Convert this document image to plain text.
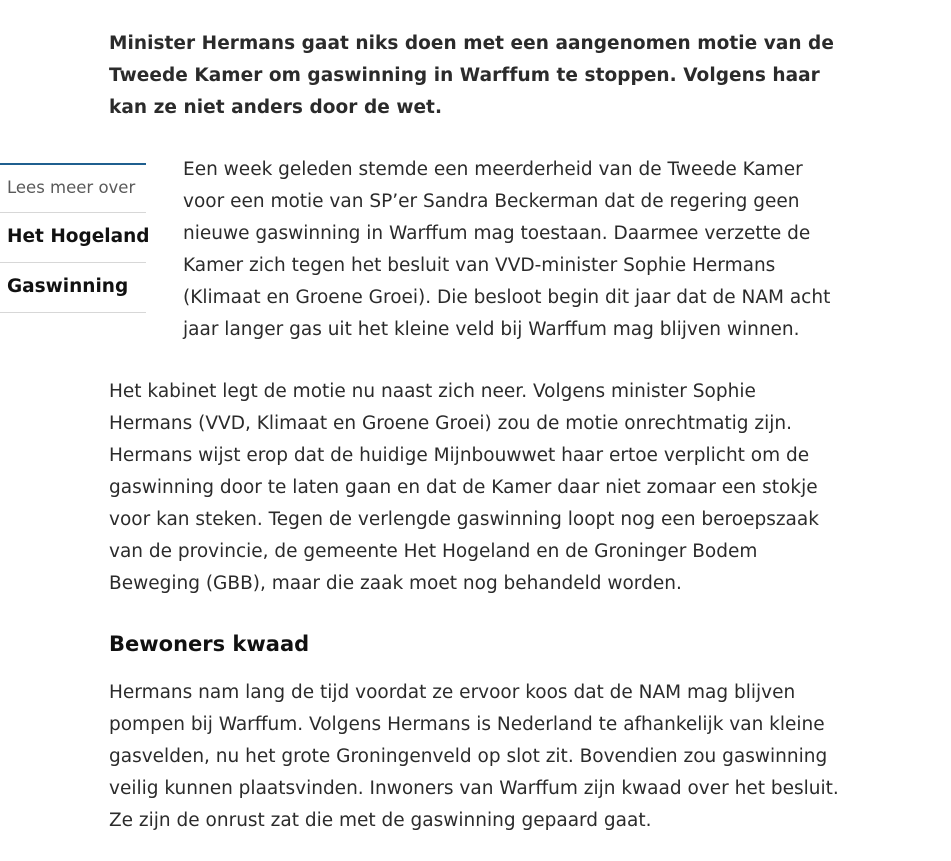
Minister Hermans gaat niks doen met een aangenomen motie van de Tweede Kamer om gaswinning in Warffum te stoppen. Volgens haar kan ze niet anders door de wet.

Lees meer over
Het Hogeland
Gaswinning

Een week geleden stemde een meerderheid van de Tweede Kamer voor een motie van SP’er Sandra Beckerman dat de regering geen nieuwe gaswinning in Warffum mag toestaan. Daarmee verzette de Kamer zich tegen het besluit van VVD-minister Sophie Hermans (Klimaat en Groene Groei). Die besloot begin dit jaar dat de NAM acht jaar langer gas uit het kleine veld bij Warffum mag blijven winnen.

Het kabinet legt de motie nu naast zich neer. Volgens minister Sophie Hermans (VVD, Klimaat en Groene Groei) zou de motie onrechtmatig zijn. Hermans wijst erop dat de huidige Mijnbouwwet haar ertoe verplicht om de gaswinning door te laten gaan en dat de Kamer daar niet zomaar een stokje voor kan steken. Tegen de verlengde gaswinning loopt nog een beroepszaak van de provincie, de gemeente Het Hogeland en de Groninger Bodem Beweging (GBB), maar die zaak moet nog behandeld worden.

Bewoners kwaad

Hermans nam lang de tijd voordat ze ervoor koos dat de NAM mag blijven pompen bij Warffum. Volgens Hermans is Nederland te afhankelijk van kleine gasvelden, nu het grote Groningenveld op slot zit. Bovendien zou gaswinning veilig kunnen plaatsvinden. Inwoners van Warffum zijn kwaad over het besluit. Ze zijn de onrust zat die met de gaswinning gepaard gaat.
